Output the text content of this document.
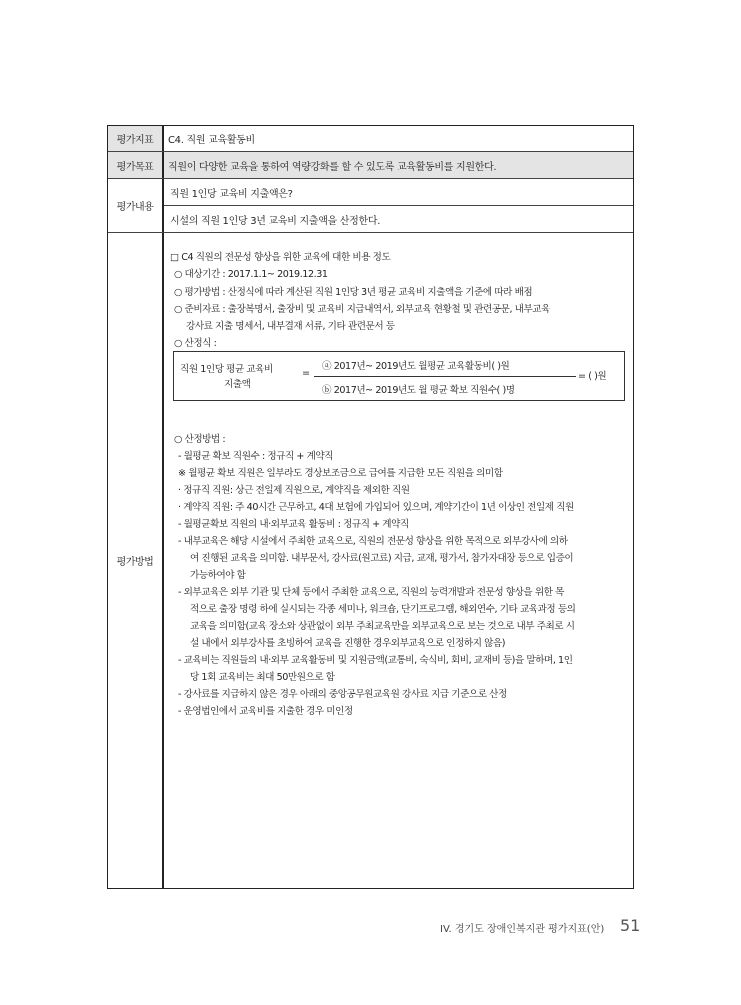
평가지표	C4. 직원 교육활동비
평가목표	직원이 다양한 교육을 통하여 역량강화를 할 수 있도록 교육활동비를 지원한다.
평가내용
직원 1인당 교육비 지출액은?
시설의 직원 1인당 3년 교육비 지출액을 산정한다.
평가방법
□ C4 직원의 전문성 향상을 위한 교육에 대한 비용 정도
○ 대상기간 : 2017.1.1~ 2019.12.31
○ 평가방법 : 산정식에 따라 계산된 직원 1인당 3년 평균 교육비 지출액을 기준에 따라 배점
○ 준비자료 : 출장복명서, 출장비 및 교육비 지급내역서, 외부교육 현황철 및 관련공문, 내부교육
강사료 지출 명세서, 내부결재 서류, 기타 관련문서 등
○ 산정식 :
직원 1인당 평균 교육비
지출액
=
ⓐ 2017년~ 2019년도 월평균 교육활동비( )원
ⓑ 2017년~ 2019년도 월 평균 확보 직원수( )명
= ( )원
○ 산정방법 :
- 월평균 확보 직원수 : 정규직 + 계약직
※ 월평균 확보 직원은 일부라도 경상보조금으로 급여를 지급한 모든 직원을 의미함
· 정규직 직원: 상근 전일제 직원으로, 계약직을 제외한 직원
· 계약직 직원: 주 40시간 근무하고, 4대 보험에 가입되어 있으며, 계약기간이 1년 이상인 전일제 직원
- 월평균확보 직원의 내·외부교육 활동비 : 정규직 + 계약직
- 내부교육은 해당 시설에서 주최한 교육으로, 직원의 전문성 향상을 위한 목적으로 외부강사에 의하
여 진행된 교육을 의미함. 내부문서, 강사료(원고료) 지급, 교재, 평가서, 참가자대장 등으로 입증이
가능하여야 함
- 외부교육은 외부 기관 및 단체 등에서 주최한 교육으로, 직원의 능력개발과 전문성 향상을 위한 목
적으로 출장 명령 하에 실시되는 각종 세미나, 워크숍, 단기프로그램, 해외연수, 기타 교육과정 등의
교육을 의미함(교육 장소와 상관없이 외부 주최교육만을 외부교육으로 보는 것으로 내부 주최로 시
설 내에서 외부강사를 초빙하여 교육을 진행한 경우외부교육으로 인정하지 않음)
- 교육비는 직원들의 내·외부 교육활동비 및 지원금액(교통비, 숙식비, 회비, 교재비 등)을 말하며, 1인
당 1회 교육비는 최대 50만원으로 함
- 강사료를 지급하지 않은 경우 아래의 중앙공무원교육원 강사료 지급 기준으로 산정
- 운영법인에서 교육비를 지출한 경우 미인정
IV. 경기도 장애인복지관 평가지표(안) 51
